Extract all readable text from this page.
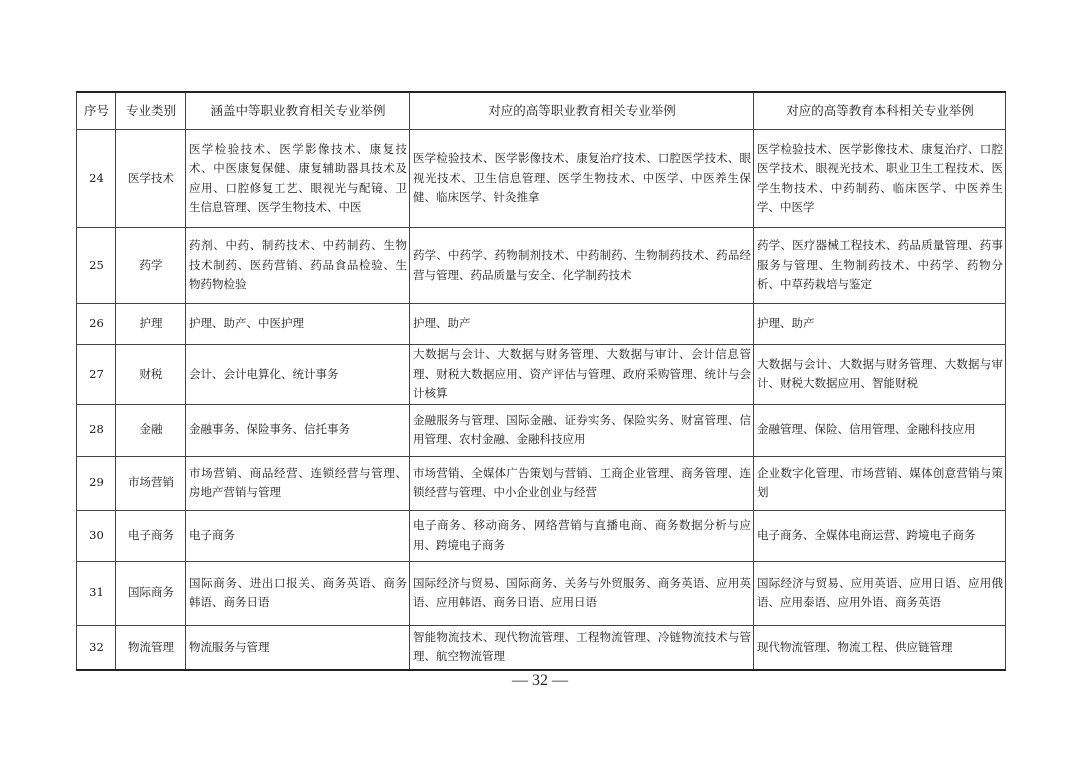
序号	专业类别	涵盖中等职业教育相关专业举例	对应的高等职业教育相关专业举例	对应的高等教育本科相关专业举例
24	医学技术	医学检验技术、医学影像技术、康复技术、中医康复保健、康复辅助器具技术及应用、口腔修复工艺、眼视光与配镜、卫生信息管理、医学生物技术、中医	医学检验技术、医学影像技术、康复治疗技术、口腔医学技术、眼视光技术、卫生信息管理、医学生物技术、中医学、中医养生保健、临床医学、针灸推拿	医学检验技术、医学影像技术、康复治疗、口腔医学技术、眼视光技术、职业卫生工程技术、医学生物技术、中药制药、临床医学、中医养生学、中医学
25	药学	药剂、中药、制药技术、中药制药、生物技术制药、医药营销、药品食品检验、生物药物检验	药学、中药学、药物制剂技术、中药制药、生物制药技术、药品经营与管理、药品质量与安全、化学制药技术	药学、医疗器械工程技术、药品质量管理、药事服务与管理、生物制药技术、中药学、药物分析、中草药栽培与鉴定
26	护理	护理、助产、中医护理	护理、助产	护理、助产
27	财税	会计、会计电算化、统计事务	大数据与会计、大数据与财务管理、大数据与审计、会计信息管理、财税大数据应用、资产评估与管理、政府采购管理、统计与会计核算	大数据与会计、大数据与财务管理、大数据与审计、财税大数据应用、智能财税
28	金融	金融事务、保险事务、信托事务	金融服务与管理、国际金融、证券实务、保险实务、财富管理、信用管理、农村金融、金融科技应用	金融管理、保险、信用管理、金融科技应用
29	市场营销	市场营销、商品经营、连锁经营与管理、房地产营销与管理	市场营销、全媒体广告策划与营销、工商企业管理、商务管理、连锁经营与管理、中小企业创业与经营	企业数字化管理、市场营销、媒体创意营销与策划
30	电子商务	电子商务	电子商务、移动商务、网络营销与直播电商、商务数据分析与应用、跨境电子商务	电子商务、全媒体电商运营、跨境电子商务
31	国际商务	国际商务、进出口报关、商务英语、商务韩语、商务日语	国际经济与贸易、国际商务、关务与外贸服务、商务英语、应用英语、应用韩语、商务日语、应用日语	国际经济与贸易、应用英语、应用日语、应用俄语、应用泰语、应用外语、商务英语
32	物流管理	物流服务与管理	智能物流技术、现代物流管理、工程物流管理、冷链物流技术与管理、航空物流管理	现代物流管理、物流工程、供应链管理
— 32 —
